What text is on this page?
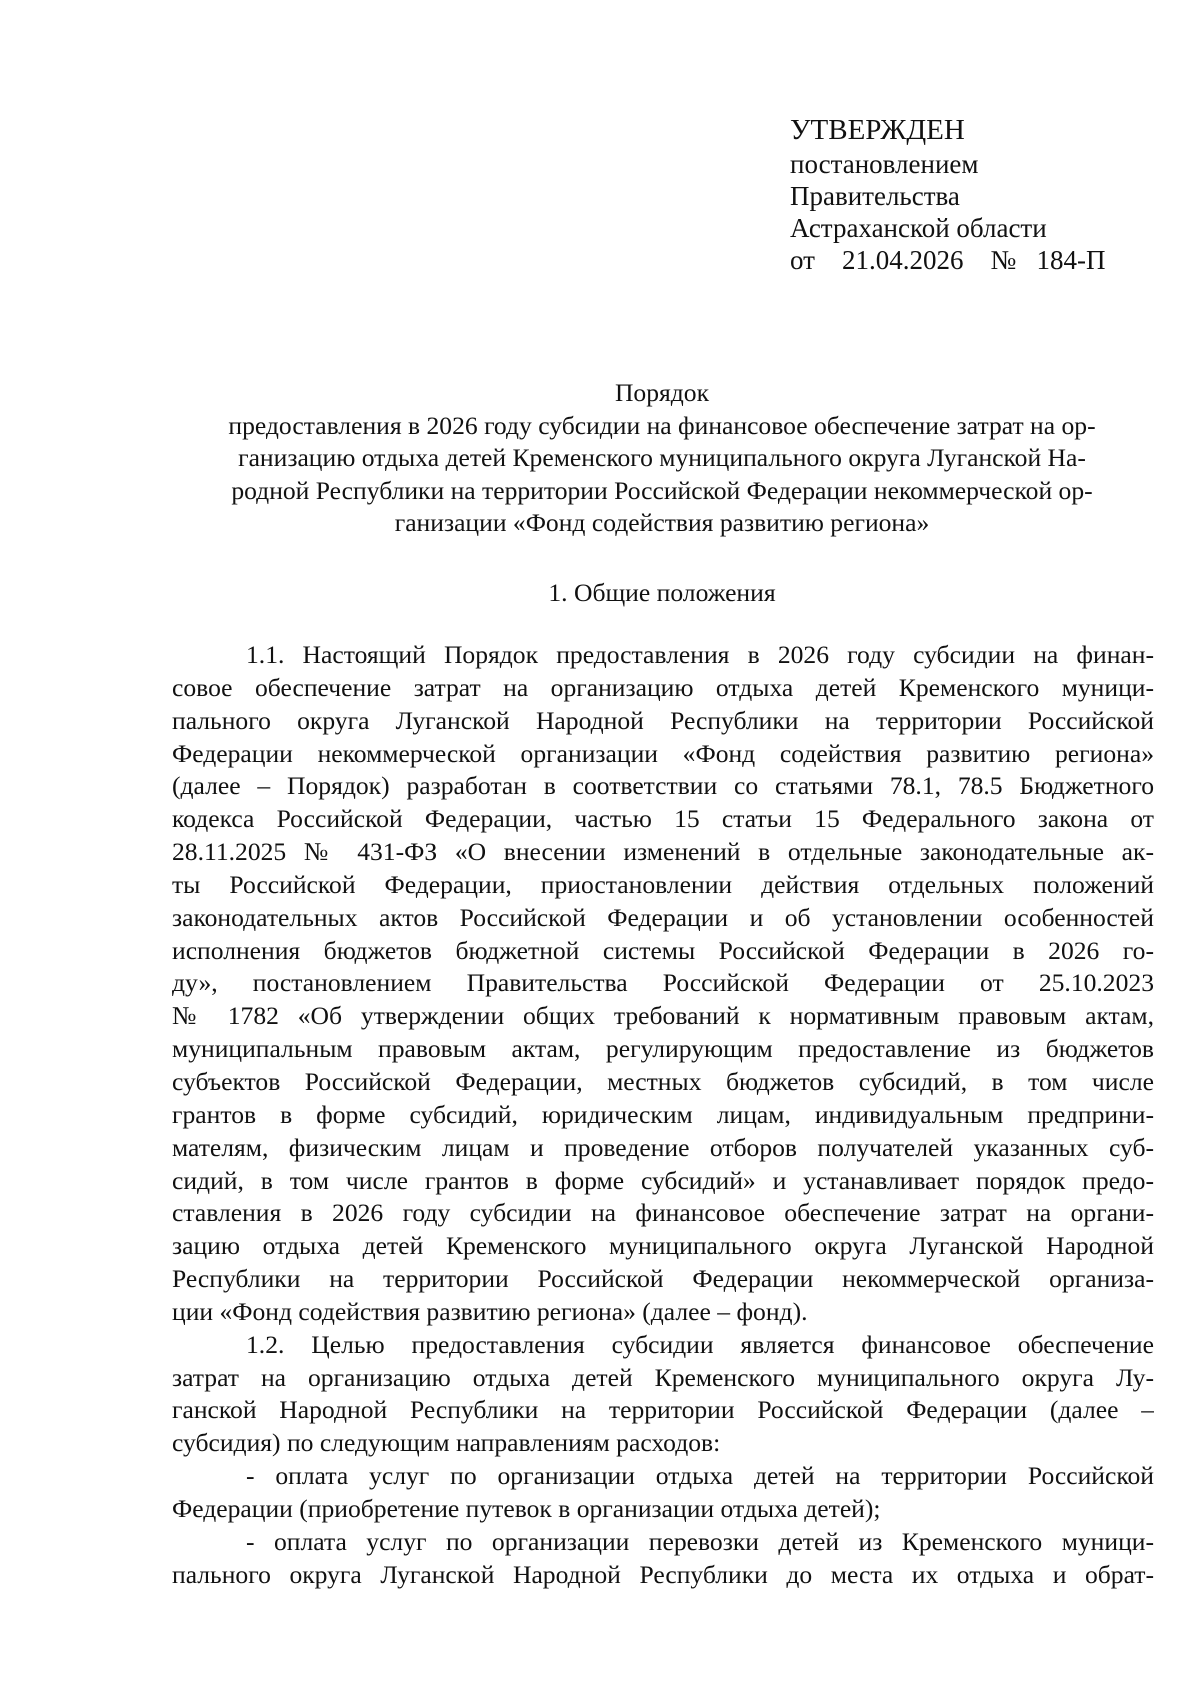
УТВЕРЖДЕН
постановлением
Правительства
Астраханской области
от 21.04.2026 № 184-П
Порядок
предоставления в 2026 году субсидии на финансовое обеспечение затрат на ор-
ганизацию отдыха детей Кременского муниципального округа Луганской На-
родной Республики на территории Российской Федерации некоммерческой ор-
ганизации «Фонд содействия развитию региона»
1. Общие положения
1.1. Настоящий Порядок предоставления в 2026 году субсидии на финан-
совое обеспечение затрат на организацию отдыха детей Кременского муници-
пального округа Луганской Народной Республики на территории Российской
Федерации некоммерческой организации «Фонд содействия развитию региона»
(далее – Порядок) разработан в соответствии со статьями 78.1, 78.5 Бюджетного
кодекса Российской Федерации, частью 15 статьи 15 Федерального закона от
28.11.2025 № 431-ФЗ «О внесении изменений в отдельные законодательные ак-
ты Российской Федерации, приостановлении действия отдельных положений
законодательных актов Российской Федерации и об установлении особенностей
исполнения бюджетов бюджетной системы Российской Федерации в 2026 го-
ду», постановлением Правительства Российской Федерации от 25.10.2023
№ 1782 «Об утверждении общих требований к нормативным правовым актам,
муниципальным правовым актам, регулирующим предоставление из бюджетов
субъектов Российской Федерации, местных бюджетов субсидий, в том числе
грантов в форме субсидий, юридическим лицам, индивидуальным предприни-
мателям, физическим лицам и проведение отборов получателей указанных суб-
сидий, в том числе грантов в форме субсидий» и устанавливает порядок предо-
ставления в 2026 году субсидии на финансовое обеспечение затрат на органи-
зацию отдыха детей Кременского муниципального округа Луганской Народной
Республики на территории Российской Федерации некоммерческой организа-
ции «Фонд содействия развитию региона» (далее – фонд).
1.2. Целью предоставления субсидии является финансовое обеспечение
затрат на организацию отдыха детей Кременского муниципального округа Лу-
ганской Народной Республики на территории Российской Федерации (далее –
субсидия) по следующим направлениям расходов:
- оплата услуг по организации отдыха детей на территории Российской
Федерации (приобретение путевок в организации отдыха детей);
- оплата услуг по организации перевозки детей из Кременского муници-
пального округа Луганской Народной Республики до места их отдыха и обрат-
